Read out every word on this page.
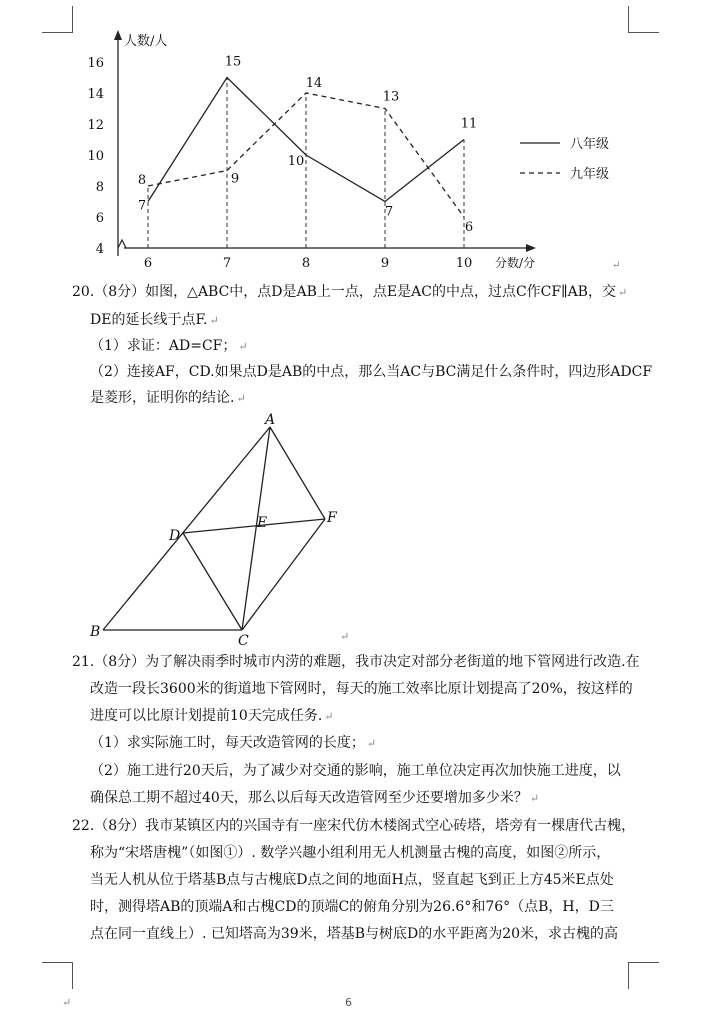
人数/人
分数/分
4
6
8
10
12
14
16
6	7	8	9	10
7
15
10
7
11
8	9
14
13
6
八年级
九年级
↵
20.（8分）如图，△ABC中，点D是AB上一点，点E是AC的中点，过点C作CF∥AB，交 ↵
DE的延长线于点F. ↵
（1）求证：AD=CF； ↵
（2）连接AF，CD.如果点D是AB的中点，那么当AC与BC满足什么条件时，四边形ADCF
是菱形，证明你的结论. ↵
A
B
C
D
E	F
↵
21.（8分）为了解决雨季时城市内涝的难题，我市决定对部分老街道的地下管网进行改造.在
改造一段长3600米的街道地下管网时，每天的施工效率比原计划提高了20%，按这样的
进度可以比原计划提前10天完成任务. ↵
（1）求实际施工时，每天改造管网的长度； ↵
（2）施工进行20天后，为了减少对交通的影响，施工单位决定再次加快施工进度，以
确保总工期不超过40天，那么以后每天改造管网至少还要增加多少米？ ↵
22.（8分）我市某镇区内的兴国寺有一座宋代仿木楼阁式空心砖塔，塔旁有一棵唐代古槐，
称为“宋塔唐槐”（如图①）. 数学兴趣小组利用无人机测量古槐的高度，如图②所示，
当无人机从位于塔基B点与古槐底D点之间的地面H点，竖直起飞到正上方45米E点处
时，测得塔AB的顶端A和古槐CD的顶端C的俯角分别为26.6°和76°（点B，H，D三
点在同一直线上）. 已知塔高为39米，塔基B与树底D的水平距离为20米，求古槐的高
↵	6
